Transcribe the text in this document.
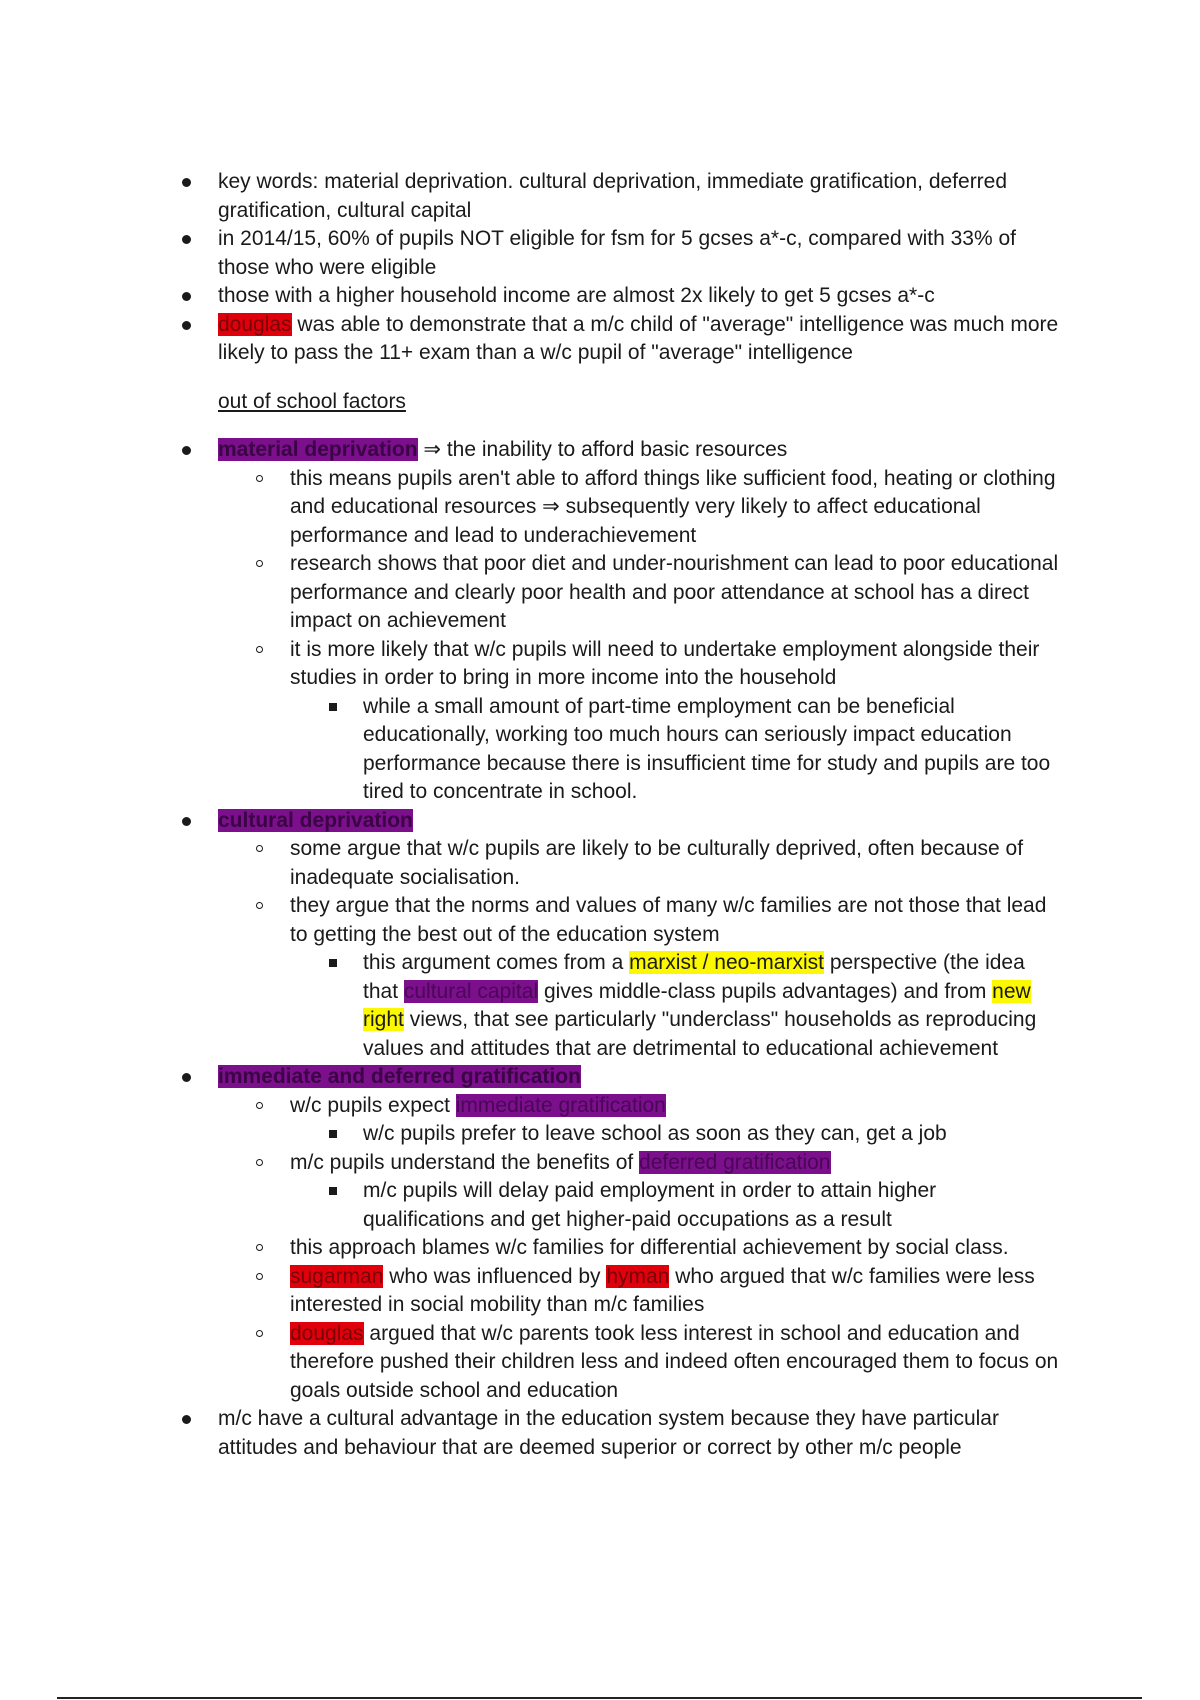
key words: material deprivation. cultural deprivation, immediate gratification, deferred gratification, cultural capital
in 2014/15, 60% of pupils NOT eligible for fsm for 5 gcses a*-c, compared with 33% of those who were eligible
those with a higher household income are almost 2x likely to get 5 gcses a*-c
douglas was able to demonstrate that a m/c child of "average" intelligence was much more likely to pass the 11+ exam than a w/c pupil of "average" intelligence
out of school factors
material deprivation ⇒ the inability to afford basic resources
this means pupils aren't able to afford things like sufficient food, heating or clothing and educational resources ⇒ subsequently very likely to affect educational performance and lead to underachievement
research shows that poor diet and under-nourishment can lead to poor educational performance and clearly poor health and poor attendance at school has a direct impact on achievement
it is more likely that w/c pupils will need to undertake employment alongside their studies in order to bring in more income into the household
while a small amount of part-time employment can be beneficial educationally, working too much hours can seriously impact education performance because there is insufficient time for study and pupils are too tired to concentrate in school.
cultural deprivation
some argue that w/c pupils are likely to be culturally deprived, often because of inadequate socialisation.
they argue that the norms and values of many w/c families are not those that lead to getting the best out of the education system
this argument comes from a marxist / neo-marxist perspective (the idea that cultural capital gives middle-class pupils advantages) and from new right views, that see particularly "underclass" households as reproducing values and attitudes that are detrimental to educational achievement
immediate and deferred gratification
w/c pupils expect immediate gratification
w/c pupils prefer to leave school as soon as they can, get a job
m/c pupils understand the benefits of deferred gratification
m/c pupils will delay paid employment in order to attain higher qualifications and get higher-paid occupations as a result
this approach blames w/c families for differential achievement by social class.
sugarman who was influenced by hyman who argued that w/c families were less interested in social mobility than m/c families
douglas argued that w/c parents took less interest in school and education and therefore pushed their children less and indeed often encouraged them to focus on goals outside school and education
m/c have a cultural advantage in the education system because they have particular attitudes and behaviour that are deemed superior or correct by other m/c people
